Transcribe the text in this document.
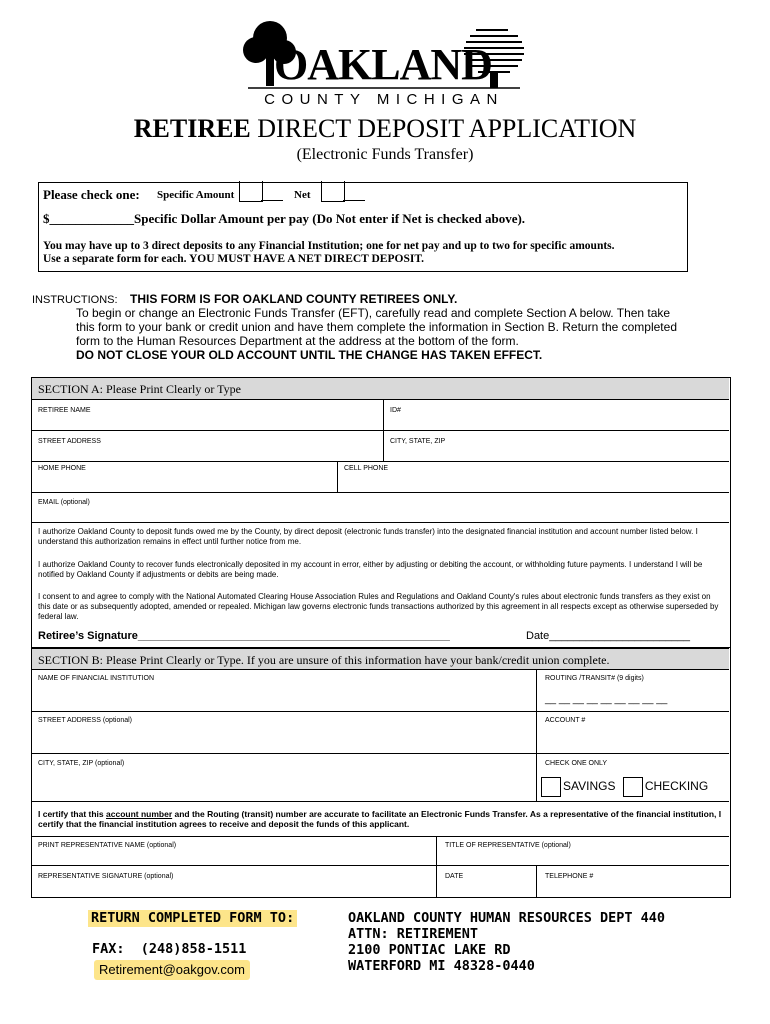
OAKLAND
COUNTY MICHIGAN
RETIREE DIRECT DEPOSIT APPLICATION
(Electronic Funds Transfer)
Please check one: Specific Amount	Net
$_____________Specific Dollar Amount per pay (Do Not enter if Net is checked above).
You may have up to 3 direct deposits to any Financial Institution; one for net pay and up to two for specific amounts.
Use a separate form for each. YOU MUST HAVE A NET DIRECT DEPOSIT.
INSTRUCTIONS: THIS FORM IS FOR OAKLAND COUNTY RETIREES ONLY.
To begin or change an Electronic Funds Transfer (EFT), carefully read and complete Section A below. Then take
this form to your bank or credit union and have them complete the information in Section B. Return the completed
form to the Human Resources Department at the address at the bottom of the form.
DO NOT CLOSE YOUR OLD ACCOUNT UNTIL THE CHANGE HAS TAKEN EFFECT.
SECTION A: Please Print Clearly or Type
RETIREE NAME	ID#
STREET ADDRESS	CITY, STATE, ZIP
HOME PHONE	CELL PHONE
EMAIL (optional)
I authorize Oakland County to deposit funds owed me by the County, by direct deposit (electronic funds transfer) into the designated financial institution and account number listed below. I understand this authorization remains in effect until further notice from me.
I authorize Oakland County to recover funds electronically deposited in my account in error, either by adjusting or debiting the account, or withholding future payments. I understand I will be notified by Oakland County if adjustments or debits are being made.
I consent to and agree to comply with the National Automated Clearing House Association Rules and Regulations and Oakland County's rules about electronic funds transfers as they exist on this date or as subsequently adopted, amended or repealed. Michigan law governs electronic funds transactions authorized by this agreement in all respects except as otherwise superseded by federal law.
Retiree’s Signature___________________________________________________	Date_______________________
SECTION B: Please Print Clearly or Type. If you are unsure of this information have your bank/credit union complete.
NAME OF FINANCIAL INSTITUTION	ROUTING /TRANSIT# (9 digits)
__ __ __ __ __ __ __ __ __
STREET ADDRESS (optional)	ACCOUNT #
CITY, STATE, ZIP (optional)	CHECK ONE ONLY
SAVINGS CHECKING
I certify that this account number and the Routing (transit) number are accurate to facilitate an Electronic Funds Transfer. As a representative of the financial institution, I certify that the financial institution agrees to receive and deposit the funds of this applicant.
PRINT REPRESENTATIVE NAME (optional)	TITLE OF REPRESENTATIVE (optional)
REPRESENTATIVE SIGNATURE (optional)	DATE	TELEPHONE #
RETURN COMPLETED FORM TO:
FAX:  (248)858-1511
Retirement@oakgov.com
OAKLAND COUNTY HUMAN RESOURCES DEPT 440
ATTN: RETIREMENT
2100 PONTIAC LAKE RD
WATERFORD MI 48328-0440
